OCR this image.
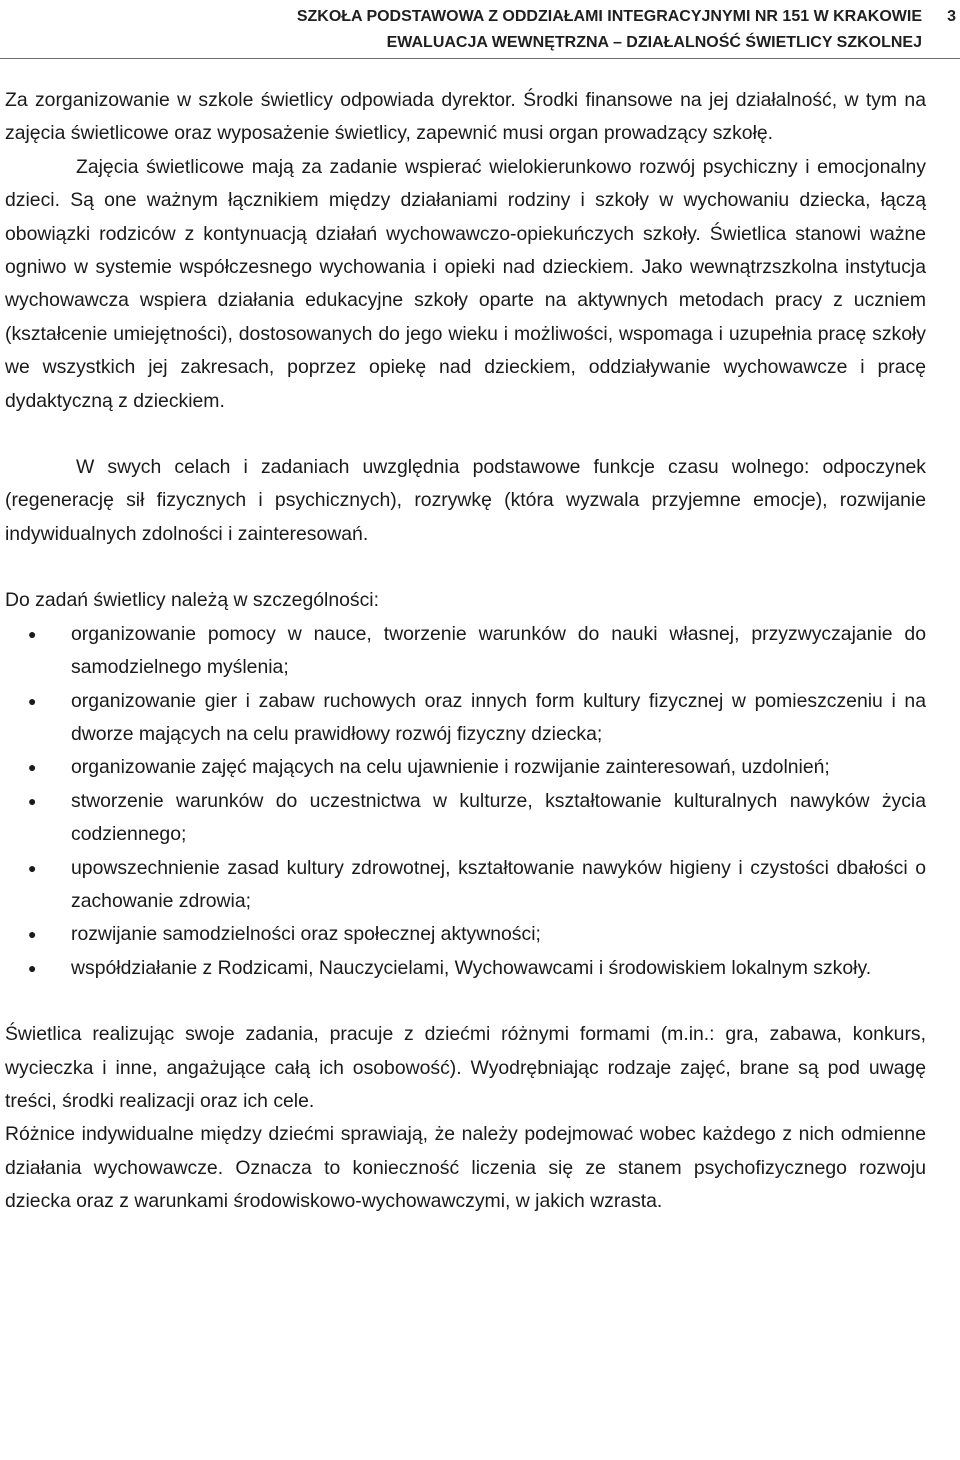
SZKOŁA PODSTAWOWA Z ODDZIAŁAMI INTEGRACYJNYMI NR 151 W KRAKOWIE
EWALUACJA WEWNĘTRZNA – DZIAŁALNOŚĆ ŚWIETLICY SZKOLNEJ
3

Za zorganizowanie w szkole świetlicy odpowiada dyrektor. Środki finansowe na jej działalność, w tym na zajęcia świetlicowe oraz wyposażenie świetlicy, zapewnić musi organ prowadzący szkołę.

Zajęcia świetlicowe mają za zadanie wspierać wielokierunkowo rozwój psychiczny i emocjonalny dzieci. Są one ważnym łącznikiem między działaniami rodziny i szkoły w wychowaniu dziecka, łączą obowiązki rodziców z kontynuacją działań wychowawczo-opiekuńczych szkoły. Świetlica stanowi ważne ogniwo w systemie współczesnego wychowania i opieki nad dzieckiem. Jako wewnątrzszkolna instytucja wychowawcza wspiera działania edukacyjne szkoły oparte na aktywnych metodach pracy z uczniem (kształcenie umiejętności), dostosowanych do jego wieku i możliwości, wspomaga i uzupełnia pracę szkoły we wszystkich jej zakresach, poprzez opiekę nad dzieckiem, oddziaływanie wychowawcze i pracę dydaktyczną z dzieckiem.

W swych celach i zadaniach uwzględnia podstawowe funkcje czasu wolnego: odpoczynek (regenerację sił fizycznych i psychicznych), rozrywkę (która wyzwala przyjemne emocje), rozwijanie indywidualnych zdolności i zainteresowań.

Do zadań świetlicy należą w szczególności:

● organizowanie pomocy w nauce, tworzenie warunków do nauki własnej, przyzwyczajanie do samodzielnego myślenia;
● organizowanie gier i zabaw ruchowych oraz innych form kultury fizycznej w pomieszczeniu i na dworze mających na celu prawidłowy rozwój fizyczny dziecka;
● organizowanie zajęć mających na celu ujawnienie i rozwijanie zainteresowań, uzdolnień;
● stworzenie warunków do uczestnictwa w kulturze, kształtowanie kulturalnych nawyków życia codziennego;
● upowszechnienie zasad kultury zdrowotnej, kształtowanie nawyków higieny i czystości dbałości o zachowanie zdrowia;
● rozwijanie samodzielności oraz społecznej aktywności;
● współdziałanie z Rodzicami, Nauczycielami, Wychowawcami i środowiskiem lokalnym szkoły.

Świetlica realizując swoje zadania, pracuje z dziećmi różnymi formami (m.in.: gra, zabawa, konkurs, wycieczka i inne, angażujące całą ich osobowość). Wyodrębniając rodzaje zajęć, brane są pod uwagę treści, środki realizacji oraz ich cele.

Różnice indywidualne między dziećmi sprawiają, że należy podejmować wobec każdego z nich odmienne działania wychowawcze. Oznacza to konieczność liczenia się ze stanem psychofizycznego rozwoju dziecka oraz z warunkami środowiskowo-wychowawczymi, w jakich wzrasta.
